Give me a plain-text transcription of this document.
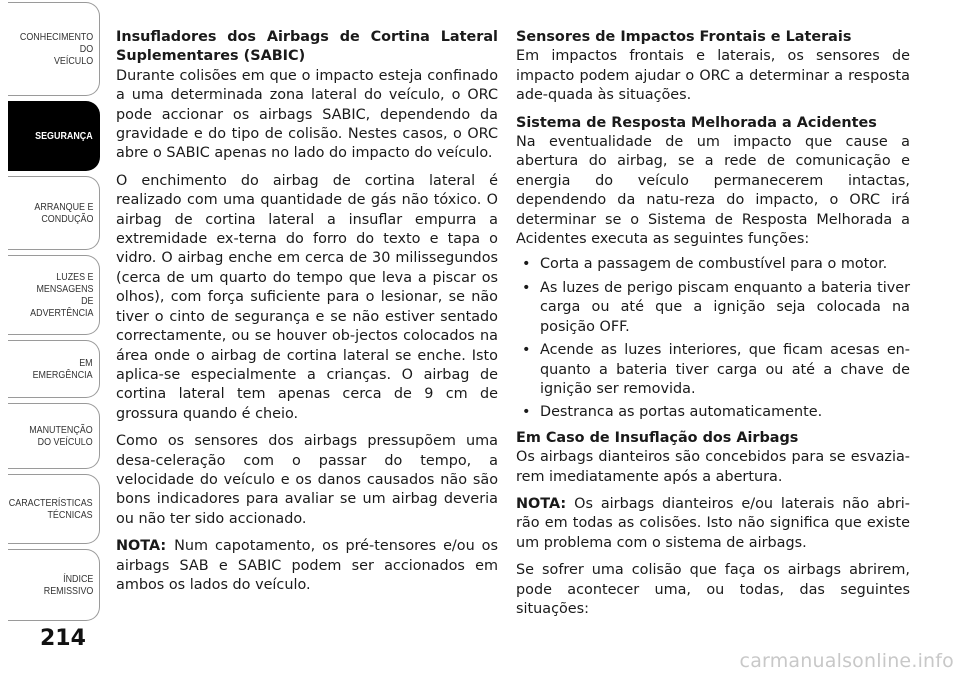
CONHECIMENTO
DO
VEÍCULO
SEGURANÇA
ARRANQUE E
CONDUÇÃO
LUZES E
MENSAGENS
DE
ADVERTÊNCIA
EM
EMERGÊNCIA
MANUTENÇÃO
DO VEÍCULO
CARACTERÍSTICAS
TÉCNICAS
ÍNDICE
REMISSIVO
214
Insufladores dos Airbags de Cortina Lateral Suplementares (SABIC)

Durante colisões em que o impacto esteja confinado a uma determinada zona lateral do veículo, o ORC pode accionar os airbags SABIC, dependendo da gravidade e do tipo de colisão. Nestes casos, o ORC abre o SABIC apenas no lado do impacto do veículo.

O enchimento do airbag de cortina lateral é realizado com uma quantidade de gás não tóxico. O airbag de cortina lateral a insuflar empurra a extremidade ex-terna do forro do texto e tapa o vidro. O airbag enche em cerca de 30 milissegundos (cerca de um quarto do tempo que leva a piscar os olhos), com força suficiente para o lesionar, se não tiver o cinto de segurança e se não estiver sentado correctamente, ou se houver ob-jectos colocados na área onde o airbag de cortina lateral se enche. Isto aplica-se especialmente a crianças. O airbag de cortina lateral tem apenas cerca de 9 cm de grossura quando é cheio.

Como os sensores dos airbags pressupõem uma desa-celeração com o passar do tempo, a velocidade do veículo e os danos causados não são bons indicadores para avaliar se um airbag deveria ou não ter sido accionado.

NOTA: Num capotamento, os pré-tensores e/ou os airbags SAB e SABIC podem ser accionados em ambos os lados do veículo.

Sensores de Impactos Frontais e Laterais

Em impactos frontais e laterais, os sensores de impacto podem ajudar o ORC a determinar a resposta ade-quada às situações.

Sistema de Resposta Melhorada a Acidentes

Na eventualidade de um impacto que cause a abertura do airbag, se a rede de comunicação e energia do veículo permanecerem intactas, dependendo da natu-reza do impacto, o ORC irá determinar se o Sistema de Resposta Melhorada a Acidentes executa as seguintes funções:

• Corta a passagem de combustível para o motor.
• As luzes de perigo piscam enquanto a bateria tiver carga ou até que a ignição seja colocada na posição OFF.
• Acende as luzes interiores, que ficam acesas en-quanto a bateria tiver carga ou até a chave de ignição ser removida.
• Destranca as portas automaticamente.
Em Caso de Insuflação dos Airbags

Os airbags dianteiros são concebidos para se esvazia-rem imediatamente após a abertura.

NOTA: Os airbags dianteiros e/ou laterais não abri-rão em todas as colisões. Isto não significa que existe um problema com o sistema de airbags.

Se sofrer uma colisão que faça os airbags abrirem, pode acontecer uma, ou todas, das seguintes situações:

carmanualsonline.info
